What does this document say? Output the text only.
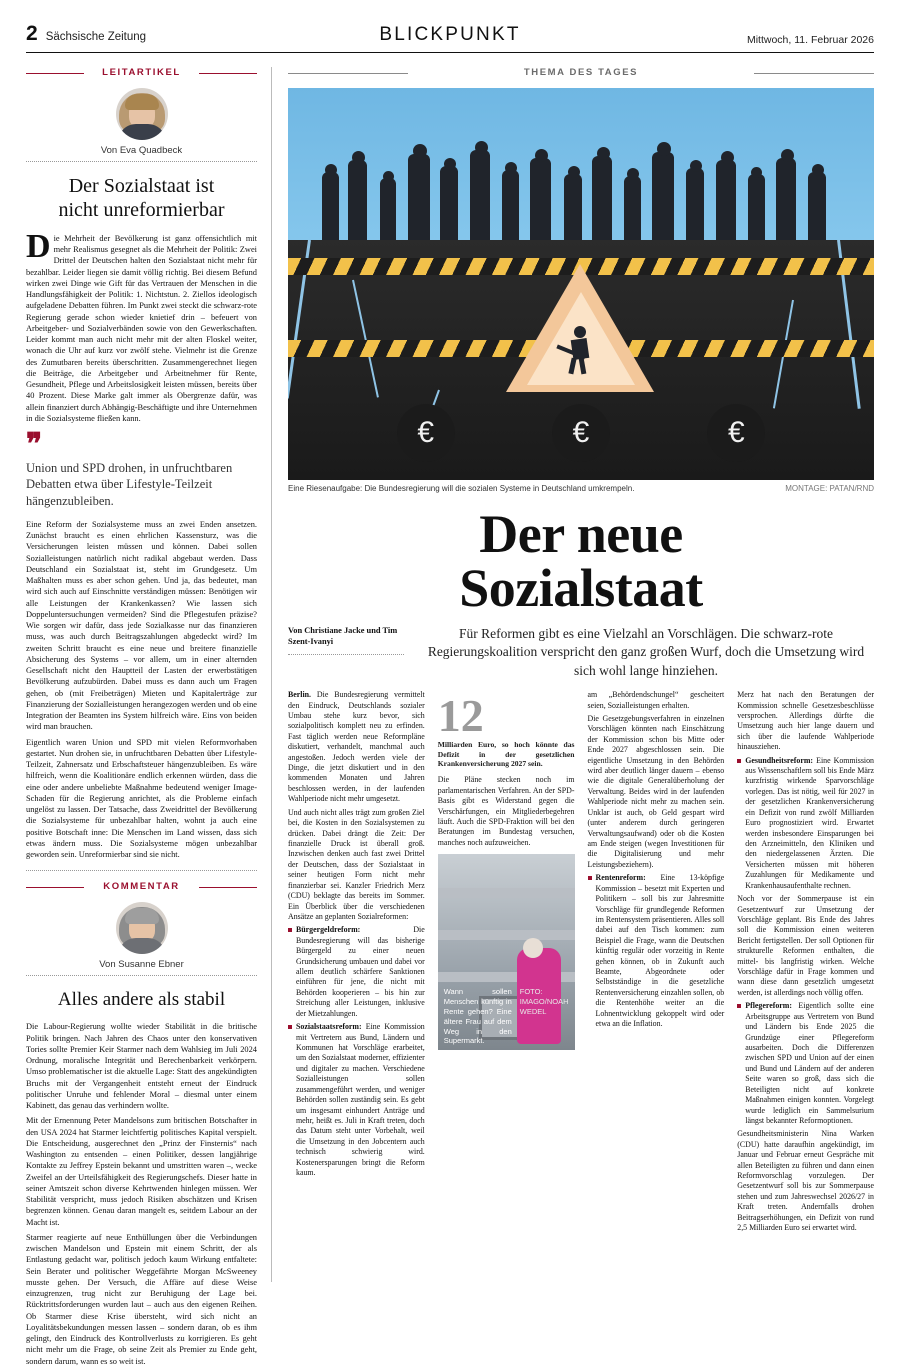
2 Sächsische Zeitung	BLICKPUNKT	Mittwoch, 11. Februar 2026
LEITARTIKEL
Von Eva Quadbeck
Der Sozialstaat ist
nicht unreformierbar

Die Mehrheit der Bevölkerung ist ganz offensichtlich mit mehr Realismus gesegnet als die Mehrheit der Politik: Zwei Drittel der Deutschen halten den Sozialstaat nicht mehr für bezahlbar. Leider liegen sie damit völlig richtig. Bei diesem Befund wirken zwei Dinge wie Gift für das Vertrauen der Menschen in die Handlungsfähigkeit der Politik: 1. Nichtstun. 2. Ziellos ideologisch aufgeladene Debatten führen. Im Punkt zwei steckt die schwarz-rote Regierung gerade schon wieder knietief drin – befeuert von Arbeitgeber- und Sozialverbänden sowie von den Gewerkschaften. Leider kommt man auch nicht mehr mit der alten Floskel weiter, wonach die Uhr auf kurz vor zwölf stehe. Vielmehr ist die Grenze des Zumutbaren bereits überschritten. Zusammengerechnet liegen die Beiträge, die Arbeitgeber und Arbeitnehmer für Rente, Gesundheit, Pflege und Arbeitslosigkeit leisten müssen, bereits über 40 Prozent. Diese Marke galt immer als Obergrenze dafür, was allein finanziert durch Abhängig-Beschäftigte und ihre Unternehmen in die Sozialsysteme fließen kann.

❞

Union und SPD drohen, in unfruchtbaren Debatten etwa über Lifestyle-Teilzeit hängenzubleiben.

Eine Reform der Sozialsysteme muss an zwei Enden ansetzen. Zunächst braucht es einen ehrlichen Kassensturz, was die Versicherungen leisten müssen und können. Dabei sollen Sozialleistungen natürlich nicht radikal abgebaut werden. Dass Deutschland ein Sozialstaat ist, steht im Grundgesetz. Um Maßhalten muss es aber schon gehen. Und ja, das bedeutet, man wird sich auch auf Einschnitte verständigen müssen: Benötigen wir alle Leistungen der Krankenkassen? Wie lassen sich Doppeluntersuchungen vermeiden? Sind die Pflegestufen präzise? Wie sorgen wir dafür, dass jede Sozialkasse nur das finanzieren muss, was auch durch Beitragszahlungen abgedeckt wird? Im zweiten Schritt braucht es eine neue und breitere finanzielle Absicherung des Systems – vor allem, um in einer alternden Gesellschaft nicht den Hauptteil der Lasten der erwerbstätigen Bevölkerung aufzubürden. Dabei muss es dann auch um Fragen gehen, ob (mit Freibeträgen) Mieten und Kapitalerträge zur Finanzierung der Sozialleistungen herangezogen werden und ob eine Integration der Beamten ins System hilfreich wäre. Eins von beiden wird man brauchen.

Eigentlich waren Union und SPD mit vielen Reformvorhaben gestartet. Nun drohen sie, in unfruchtbaren Debatten über Lifestyle-Teilzeit, Zahnersatz und Erbschaftsteuer hängenzubleiben. Es wäre hilfreich, wenn die Koalitionäre endlich erkennen würden, dass die eine oder andere unbeliebte Maßnahme bedeutend weniger Image-Schaden für die Regierung anrichtet, als die Probleme einfach ungelöst zu lassen. Der Tatsache, dass Zweidrittel der Bevölkerung die Sozialsysteme für unbezahlbar halten, wohnt ja auch eine positive Botschaft inne: Die Menschen im Land wissen, dass sich etwas ändern muss. Die Sozialsysteme mögen unbezahlbar geworden sein. Unreformierbar sind sie nicht.

KOMMENTAR
Von Susanne Ebner
Alles andere als stabil

Die Labour-Regierung wollte wieder Stabilität in die britische Politik bringen. Nach Jahren des Chaos unter den konservativen Tories sollte Premier Keir Starmer nach dem Wahlsieg im Juli 2024 Ordnung, moralische Integrität und Berechenbarkeit verkörpern. Umso problematischer ist die aktuelle Lage: Statt des angekündigten Bruchs mit der Vergangenheit entsteht erneut der Eindruck politischer Unruhe und fehlender Moral – diesmal unter einem Kabinett, das genau das verhindern wollte.

Mit der Ernennung Peter Mandelsons zum britischen Botschafter in den USA 2024 hat Starmer leichtfertig politisches Kapital verspielt. Die Entscheidung, ausgerechnet den „Prinz der Finsternis“ nach Washington zu entsenden – einen Politiker, dessen langjährige Kontakte zu Jeffrey Epstein bekannt und umstritten waren –, wecke Zweifel an der Urteilsfähigkeit des Regierungschefs. Dieser hatte in seiner Amtszeit schon diverse Kehrtwenden hinlegen müssen. Wer Stabilität verspricht, muss jedoch Risiken abschätzen und Krisen begrenzen können. Genau daran mangelt es, seitdem Labour an der Macht ist.

Starmer reagierte auf neue Enthüllungen über die Verbindungen zwischen Mandelson und Epstein mit einem Schritt, der als Entlastung gedacht war, politisch jedoch kaum Wirkung entfaltete: Sein Berater und politischer Weggefährte Morgan McSweeney musste gehen. Der Versuch, die Affäre auf diese Weise einzugrenzen, trug nicht zur Beruhigung der Lage bei. Rücktrittsforderungen wurden laut – auch aus den eigenen Reihen. Ob Starmer diese Krise übersteht, wird sich nicht an Loyalitätsbekundungen messen lassen – sondern daran, ob es ihm gelingt, den Eindruck des Kontrollverlusts zu korrigieren. Es geht nicht mehr um die Frage, ob seine Zeit als Premier zu Ende geht, sondern darum, wann es so weit ist.

THEMA DES TAGES
€	€	€
Eine Riesenaufgabe: Die Bundesregierung will die sozialen Systeme in Deutschland umkrempeln.	MONTAGE: PATAN/RND
Der neue
Sozialstaat
Von Christiane Jacke und Tim Szent-Ivanyi
Für Reformen gibt es eine Vielzahl an Vorschlägen. Die schwarz-rote Regierungskoalition verspricht den ganz großen Wurf, doch die Umsetzung wird sich wohl lange hinziehen.

Berlin. Die Bundesregierung vermittelt den Eindruck, Deutschlands sozialer Umbau stehe kurz bevor, sich sozialpolitisch komplett neu zu erfinden. Fast täglich werden neue Reformpläne diskutiert, verhandelt, manchmal auch angestoßen. Jedoch werden viele der Dinge, die jetzt diskutiert und in den kommenden Monaten und Jahren beschlossen werden, in der laufenden Wahlperiode nicht mehr umgesetzt.

Und auch nicht alles trägt zum großen Ziel bei, die Kosten in den Sozialsystemen zu drücken. Dabei drängt die Zeit: Der finanzielle Druck ist überall groß. Inzwischen denken auch fast zwei Drittel der Deutschen, dass der Sozialstaat in seiner heutigen Form nicht mehr finanzierbar sei. Kanzler Friedrich Merz (CDU) beklagte das bereits im Sommer. Ein Überblick über die verschiedenen Ansätze an geplanten Sozialreformen:

Bürgergeldreform: Die Bundesregierung will das bisherige Bürgergeld zu einer neuen Grundsicherung umbauen und dabei vor allem deutlich schärfere Sanktionen einführen für jene, die nicht mit Behörden kooperieren – bis hin zur Streichung aller Leistungen, inklusive der Mietzahlungen.

Sozialstaatsreform: Eine Kommission mit Vertretern aus Bund, Ländern und Kommunen hat Vorschläge erarbeitet, um den Sozialstaat moderner, effizienter und digitaler zu machen. Verschiedene Sozialleistungen sollen zusammengeführt werden, und weniger Behörden sollen zuständig sein. Es gebt um insgesamt einhundert Anträge und mehr, heißt es. Juli in Kraft treten, doch das Datum steht unter Vorbehalt, weil die Umsetzung in den Jobcentern auch technisch schwierig wird. Kostenersparungen bringt die Reform kaum.

12
Milliarden Euro, so hoch könnte das Defizit in der gesetzlichen Krankenversicherung 2027 sein.

Die Pläne stecken noch im parlamentarischen Verfahren. An der SPD-Basis gibt es Widerstand gegen die Verschärfungen, ein Mitgliederbegehren läuft. Auch die SPD-Fraktion will bei den Beratungen im Bundestag versuchen, manches noch aufzuweichen.

Wann sollen Menschen künftig in Rente gehen? Eine ältere Frau auf dem Weg in den Supermarkt.
FOTO: IMAGO/NOAH WEDEL

am „Behördendschungel“ gescheitert seien, Sozialleistungen erhalten.

Die Gesetzgebungsverfahren in einzelnen Vorschlägen könnten nach Einschätzung der Kommission schon bis Mitte oder Ende 2027 abgeschlossen sein. Die eigentliche Umsetzung in den Behörden wird aber deutlich länger dauern – ebenso wie die digitale Generalüberholung der Verwaltung. Beides wird in der laufenden Wahlperiode nicht mehr zu machen sein. Unklar ist auch, ob Geld gespart wird (unter anderem durch geringeren Verwaltungsaufwand) oder ob die Kosten am Ende steigen (wegen Investitionen für die Digitalisierung und mehr Leistungsbeziehern).

Rentenreform: Eine 13-köpfige Kommission – besetzt mit Experten und Politikern – soll bis zur Jahresmitte Vorschläge für grundlegende Reformen im Rentensystem präsentieren. Alles soll dabei auf den Tisch kommen: zum Beispiel die Frage, wann die Deutschen künftig regulär oder vorzeitig in Rente gehen können, ob in Zukunft auch Beamte, Abgeordnete oder Selbstständige in die gesetzliche Rentenversicherung einzahlen sollen, ob die Rentenhöhe weiter an die Lohnentwicklung gekoppelt wird oder etwa an die Inflation.

Merz hat nach den Beratungen der Kommission schnelle Gesetzesbeschlüsse versprochen. Allerdings dürfte die Umsetzung auch hier lange dauern und sich über die laufende Wahlperiode hinausziehen.

Gesundheitsreform: Eine Kommission aus Wissenschaftlern soll bis Ende März kurzfristig wirkende Sparvorschläge vorlegen. Das ist nötig, weil für 2027 in der gesetzlichen Krankenversicherung ein Defizit von rund zwölf Milliarden Euro prognostiziert wird. Erwartet werden insbesondere Einsparungen bei den Arzneimitteln, den Kliniken und den niedergelassenen Ärzten. Die Versicherten müssen mit höheren Zuzahlungen für Medikamente und Krankenhausaufenthalte rechnen.

Noch vor der Sommerpause ist ein Gesetzentwurf zur Umsetzung der Vorschläge geplant. Bis Ende des Jahres soll die Kommission einen weiteren Bericht fertigstellen. Der soll Optionen für strukturelle Reformen enthalten, die mittel- bis langfristig wirken. Welche Vorschläge dafür in Frage kommen und wann diese dann gesetzlich umgesetzt werden, ist allerdings noch völlig offen.

Pflegereform: Eigentlich sollte eine Arbeitsgruppe aus Vertretern von Bund und Ländern bis Ende 2025 die Grundzüge einer Pflegereform ausarbeiten. Doch die Differenzen zwischen SPD und Union auf der einen und Bund und Ländern auf der anderen Seite waren so groß, dass sich die Beteiligten nicht auf konkrete Maßnahmen einigen konnten. Vorgelegt wurde lediglich ein Sammelsurium längst bekannter Reformoptionen.

Gesundheitsministerin Nina Warken (CDU) hatte daraufhin angekündigt, im Januar und Februar erneut Gespräche mit allen Beteiligten zu führen und dann einen Reformvorschlag vorzulegen. Der Gesetzentwurf soll bis zur Sommerpause stehen und zum Jahreswechsel 2026/27 in Kraft treten. Andernfalls drohen Beitragserhöhungen, ein Defizit von rund 2,5 Milliarden Euro sei erwartet wird.
